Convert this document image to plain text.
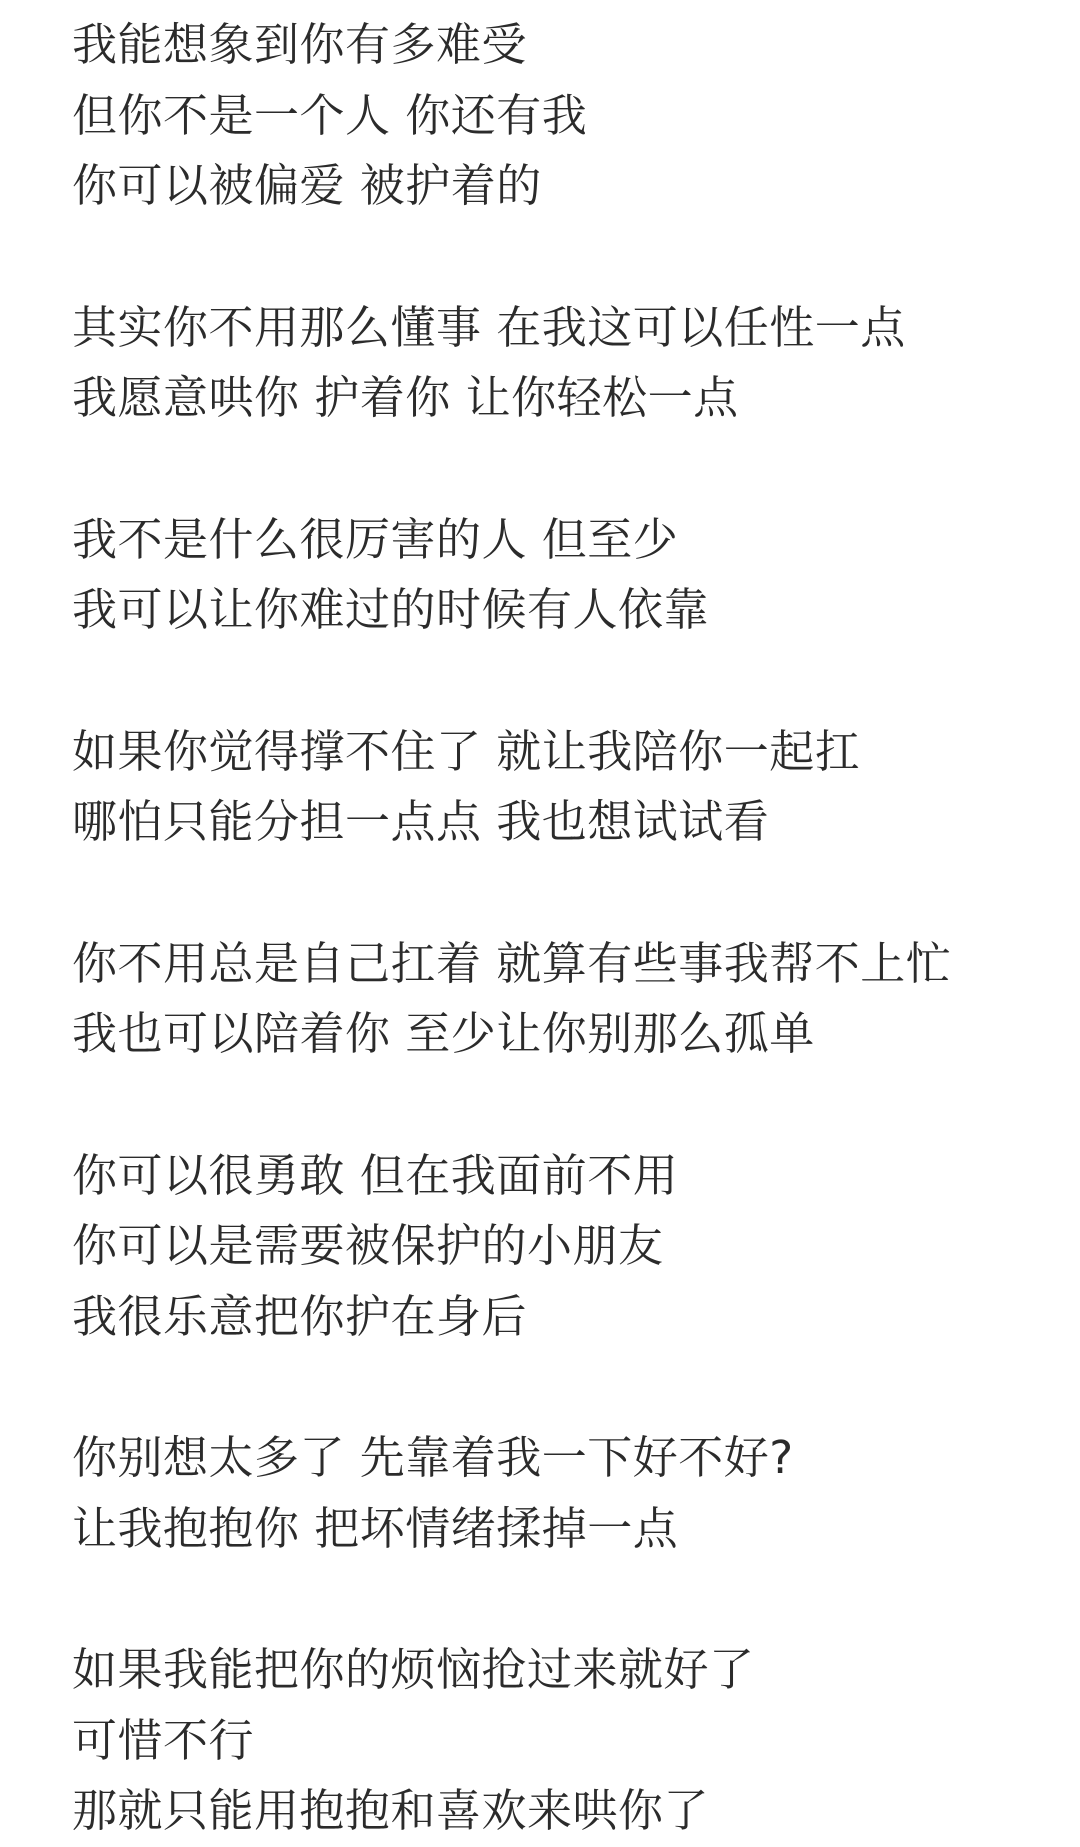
我能想象到你有多难受
但你不是一个人 你还有我
你可以被偏爱 被护着的
其实你不用那么懂事 在我这可以任性一点
我愿意哄你 护着你 让你轻松一点
我不是什么很厉害的人 但至少
我可以让你难过的时候有人依靠
如果你觉得撑不住了 就让我陪你一起扛
哪怕只能分担一点点 我也想试试看
你不用总是自己扛着 就算有些事我帮不上忙
我也可以陪着你 至少让你别那么孤单
你可以很勇敢 但在我面前不用
你可以是需要被保护的小朋友
我很乐意把你护在身后
你别想太多了 先靠着我一下好不好?
让我抱抱你 把坏情绪揉掉一点
如果我能把你的烦恼抢过来就好了
可惜不行
那就只能用抱抱和喜欢来哄你了
